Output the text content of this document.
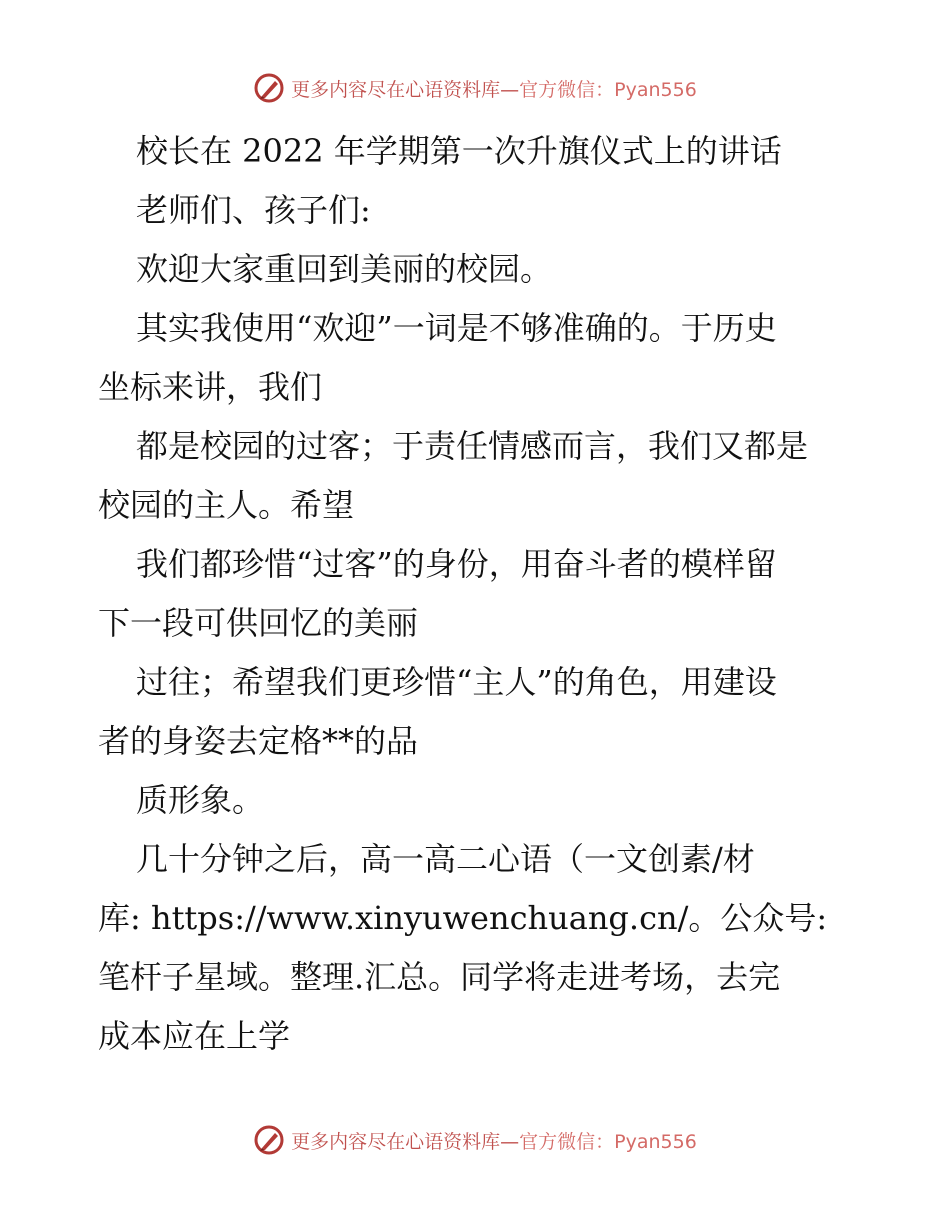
更多内容尽在心语资料库—官方微信：Pyan556
校长在 2022 年学期第一次升旗仪式上的讲话
老师们、孩子们:
欢迎大家重回到美丽的校园。
其实我使用“欢迎”一词是不够准确的。于历史
坐标来讲，我们
都是校园的过客；于责任情感而言，我们又都是
校园的主人。希望
我们都珍惜“过客”的身份，用奋斗者的模样留
下一段可供回忆的美丽
过往；希望我们更珍惜“主人”的角色，用建设
者的身姿去定格**的品
质形象。
几十分钟之后，高一高二心语（一文创素/材
库: https://www.xinyuwenchuang.cn/。公众号:
笔杆子星域。整理.汇总。同学将走进考场，去完
成本应在上学
更多内容尽在心语资料库—官方微信：Pyan556
